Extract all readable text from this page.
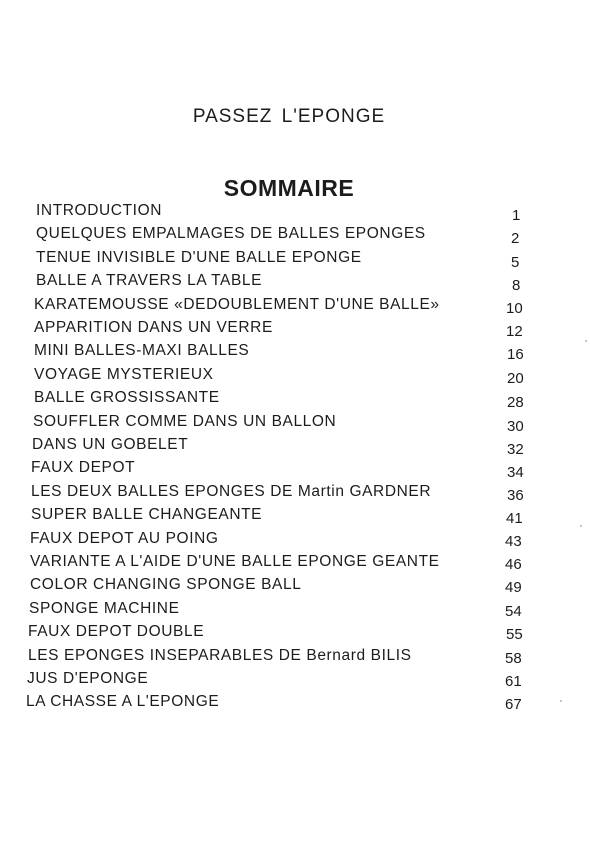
PASSEZ L'EPONGE
SOMMAIRE
INTRODUCTION	1
QUELQUES EMPALMAGES DE BALLES EPONGES	2
TENUE INVISIBLE D'UNE BALLE EPONGE	5
BALLE A TRAVERS LA TABLE	8
KARATEMOUSSE «DEDOUBLEMENT D'UNE BALLE»	10
APPARITION DANS UN VERRE	12
MINI BALLES-MAXI BALLES	16
VOYAGE MYSTERIEUX	20
BALLE GROSSISSANTE	28
SOUFFLER COMME DANS UN BALLON	30
DANS UN GOBELET	32
FAUX DEPOT	34
LES DEUX BALLES EPONGES DE Martin GARDNER	36
SUPER BALLE CHANGEANTE	41
FAUX DEPOT AU POING	43
VARIANTE A L'AIDE D'UNE BALLE EPONGE GEANTE	46
COLOR CHANGING SPONGE BALL	49
SPONGE MACHINE	54
FAUX DEPOT DOUBLE	55
LES EPONGES INSEPARABLES DE Bernard BILIS	58
JUS D'EPONGE	61
LA CHASSE A L'EPONGE	67
